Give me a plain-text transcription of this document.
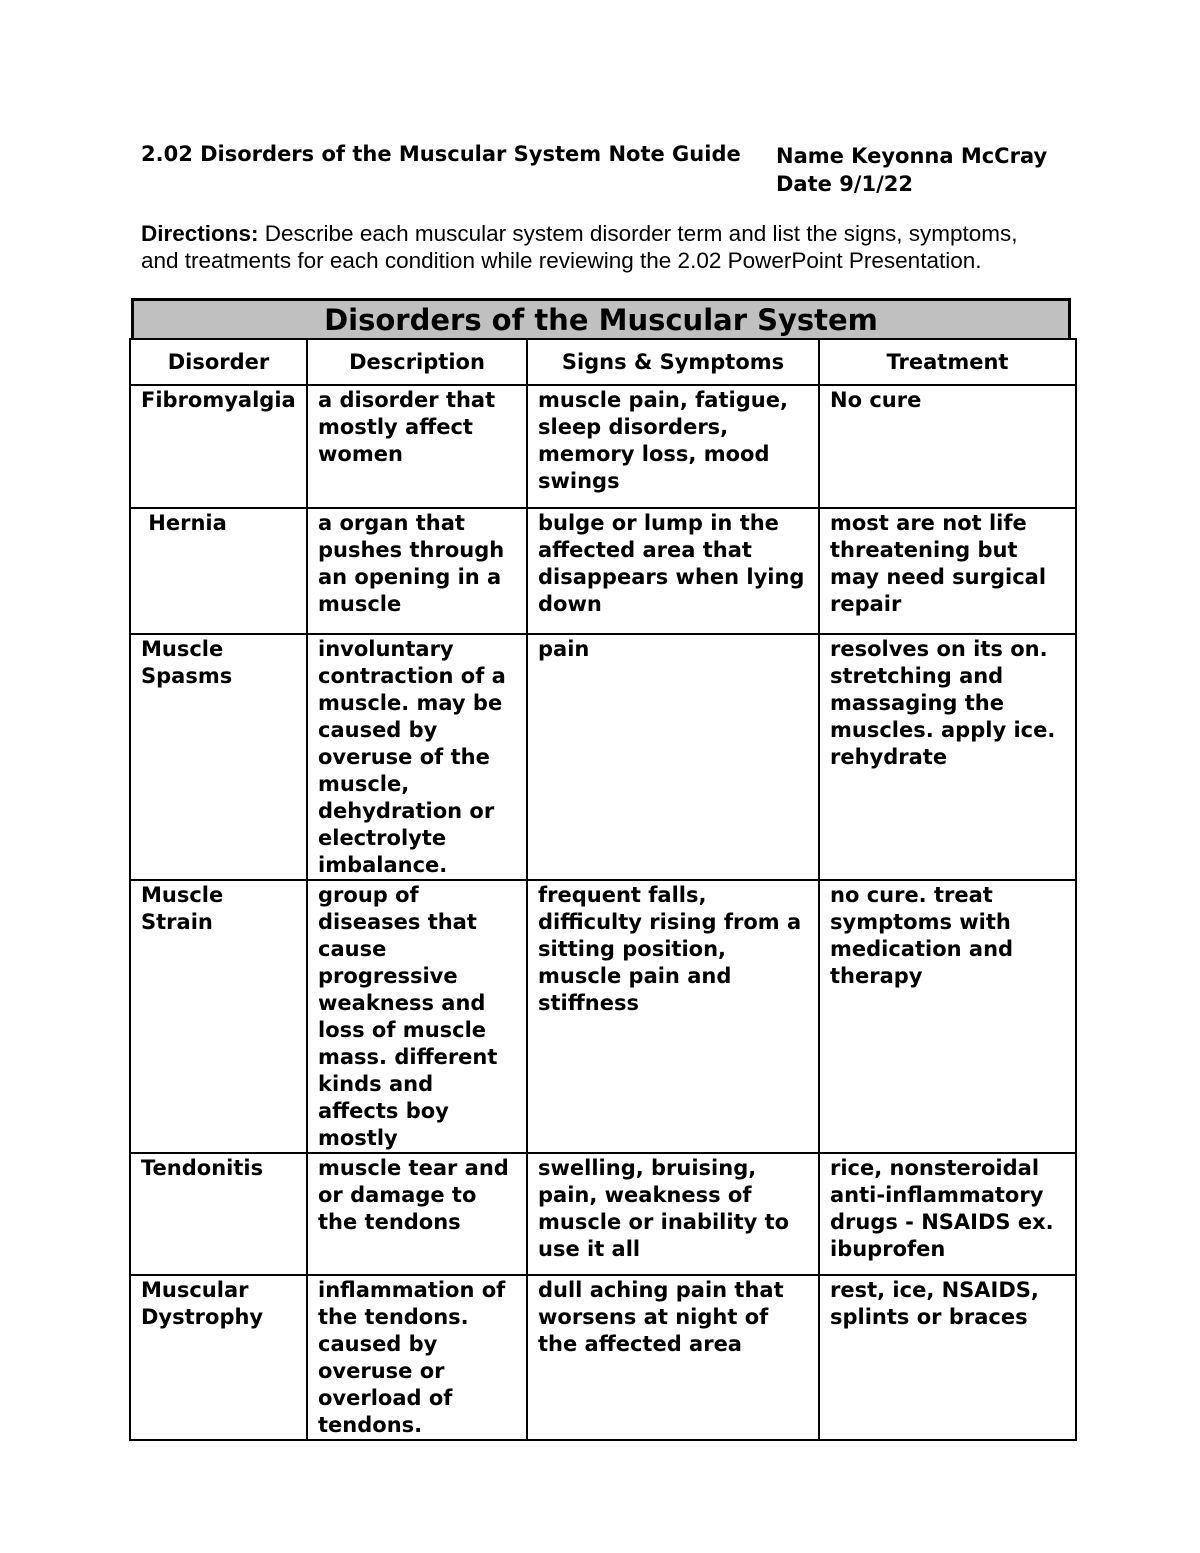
2.02 Disorders of the Muscular System Note Guide Name Keyonna McCray
Date 9/1/22
Directions: Describe each muscular system disorder term and list the signs, symptoms,
and treatments for each condition while reviewing the 2.02 PowerPoint Presentation.
Disorders of the Muscular System
Disorder	Description	Signs & Symptoms	Treatment
Fibromyalgia	a disorder that mostly affect women	muscle pain, fatigue, sleep disorders, memory loss, mood swings	No cure
Hernia	a organ that pushes through an opening in a muscle	bulge or lump in the affected area that disappears when lying down	most are not life threatening but may need surgical repair
Muscle Spasms	involuntary contraction of a muscle. may be caused by overuse of the muscle, dehydration or electrolyte imbalance.	pain	resolves on its on. stretching and massaging the muscles. apply ice. rehydrate
Muscle Strain	group of diseases that cause progressive weakness and loss of muscle mass. different kinds and affects boy mostly	frequent falls, difficulty rising from a sitting position, muscle pain and stiffness	no cure. treat symptoms with medication and therapy
Tendonitis	muscle tear and or damage to the tendons	swelling, bruising, pain, weakness of muscle or inability to use it all	rice, nonsteroidal anti-inflammatory drugs - NSAIDS ex. ibuprofen
Muscular Dystrophy	inflammation of the tendons. caused by overuse or overload of tendons.	dull aching pain that worsens at night of the affected area	rest, ice, NSAIDS, splints or braces
